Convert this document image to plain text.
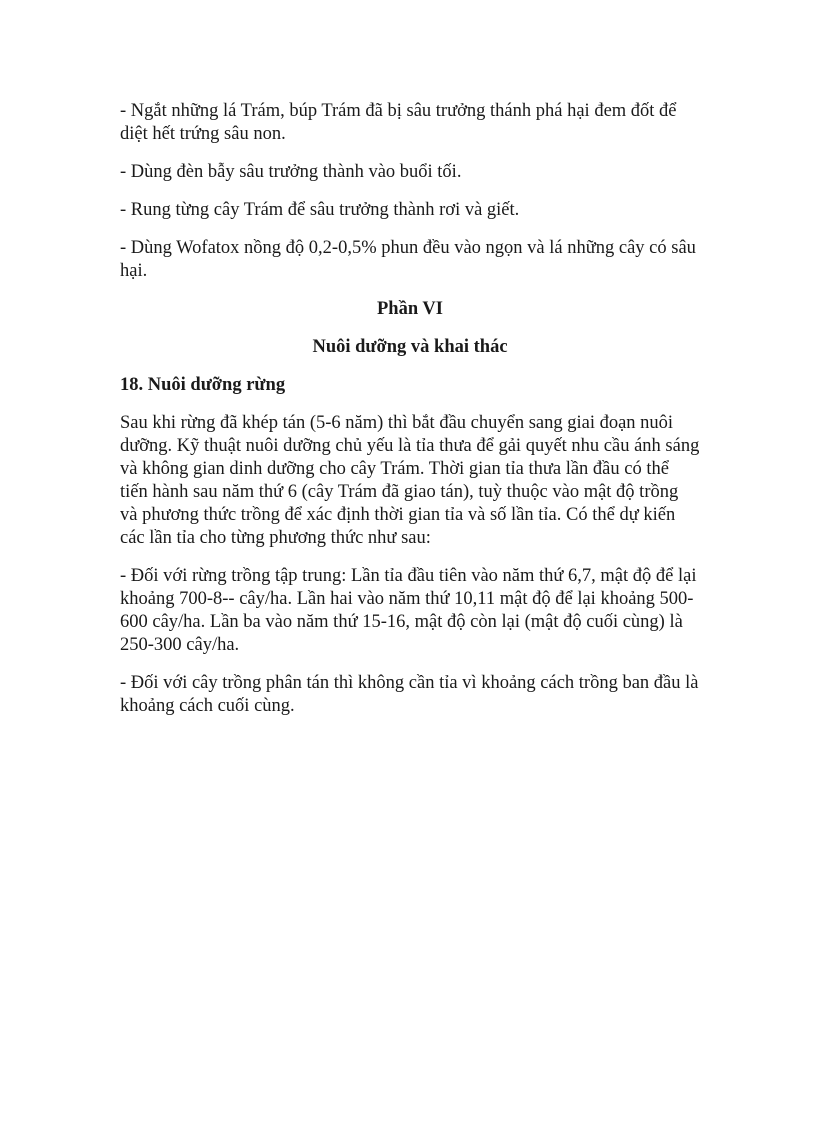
- Ngắt những lá Trám, búp Trám đã bị sâu trưởng thánh phá hại đem đốt để diệt hết trứng sâu non.

- Dùng đèn bẫy sâu trưởng thành vào buổi tối.

- Rung từng cây Trám để sâu trưởng thành rơi và giết.

- Dùng Wofatox nồng độ 0,2-0,5% phun đều vào ngọn và lá những cây có sâu hại.

Phần VI

Nuôi dưỡng và khai thác

18. Nuôi dưỡng rừng

Sau khi rừng đã khép tán (5-6 năm) thì bắt đầu chuyển sang giai đoạn nuôi dưỡng. Kỹ thuật nuôi dưỡng chủ yếu là tỉa thưa để gải quyết nhu cầu ánh sáng và không gian dinh dưỡng cho cây Trám. Thời gian tỉa thưa lần đầu có thể tiến hành sau năm thứ 6 (cây Trám đã giao tán), tuỳ thuộc vào mật độ trồng và phương thức trồng để xác định thời gian tỉa và số lần tỉa. Có thể dự kiến các lần tỉa cho từng phương thức như sau:

- Đối với rừng trồng tập trung: Lần tỉa đầu tiên vào năm thứ 6,7, mật độ để lại khoảng 700-8-- cây/ha. Lần hai vào năm thứ 10,11 mật độ để lại khoảng 500-600 cây/ha. Lần ba vào năm thứ 15-16, mật độ còn lại (mật độ cuối cùng) là 250-300 cây/ha.

- Đối với cây trồng phân tán thì không cần tỉa vì khoảng cách trồng ban đầu là khoảng cách cuối cùng.
